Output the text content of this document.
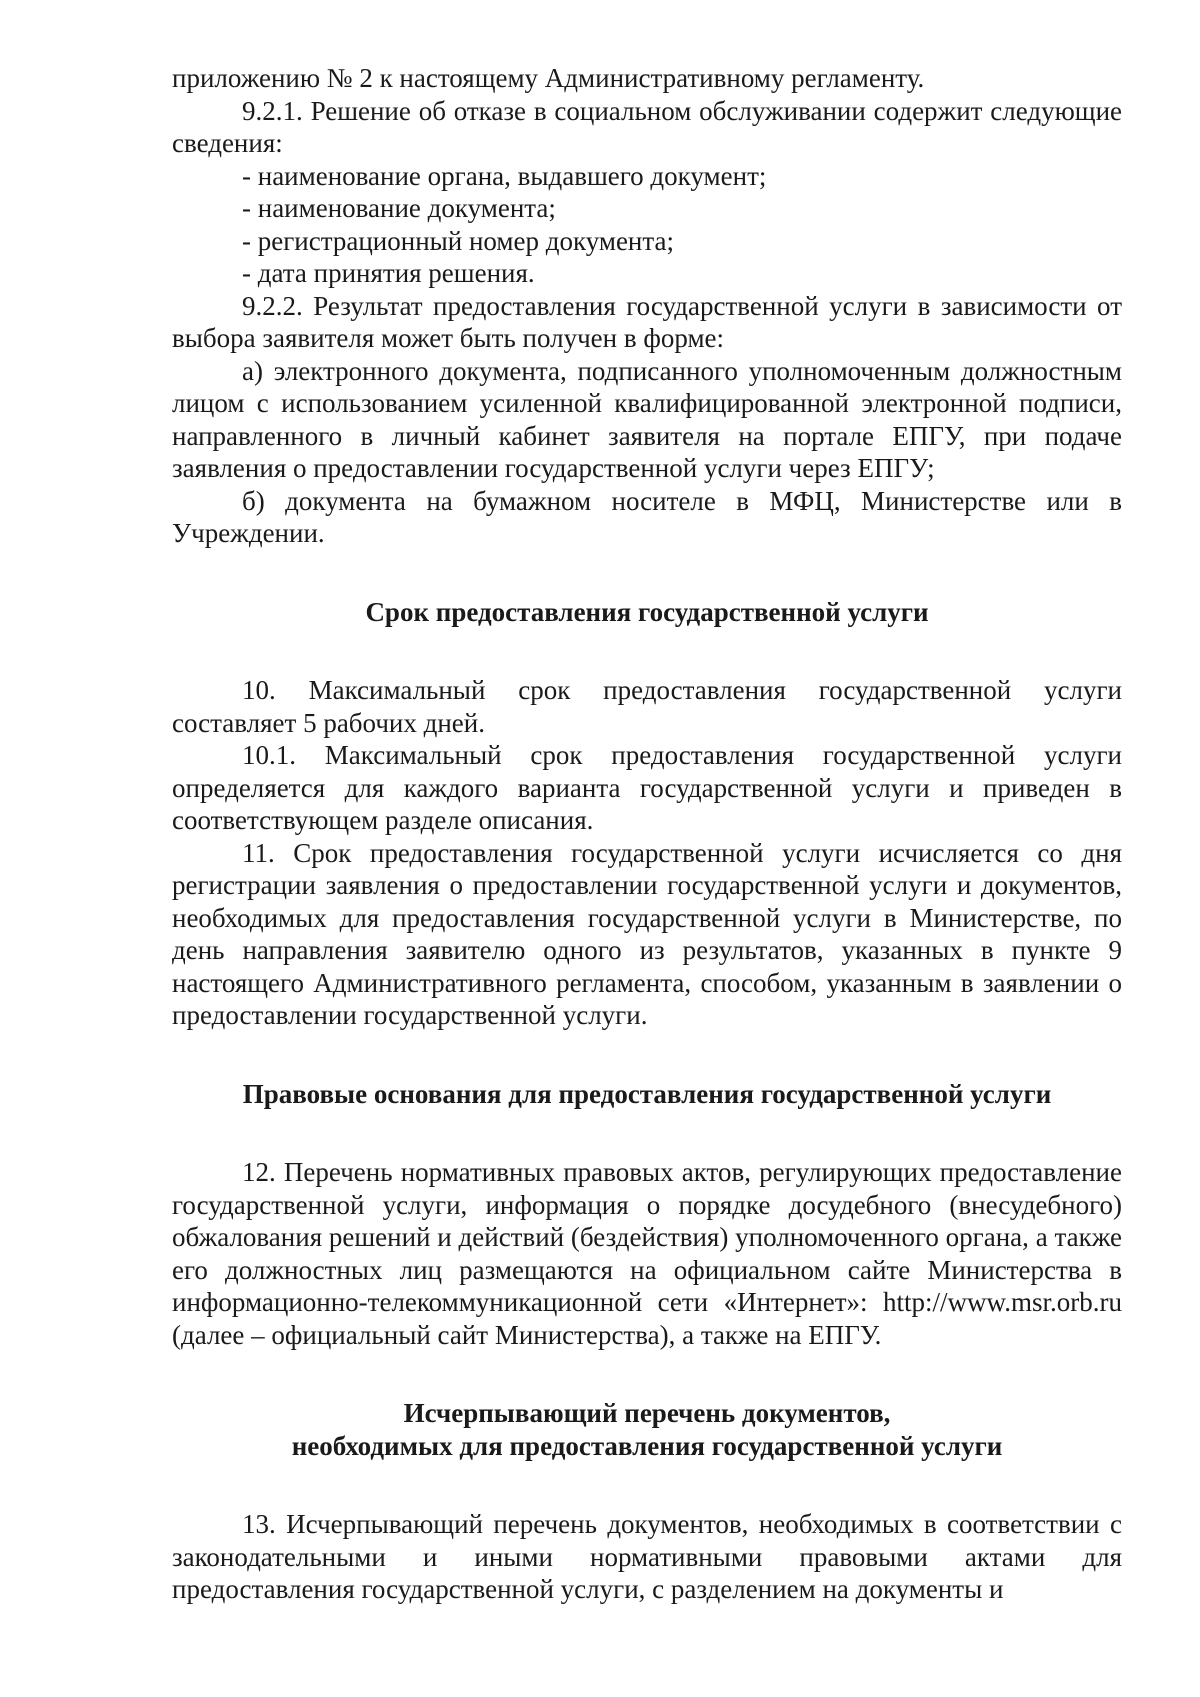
приложению № 2 к настоящему Административному регламенту.

9.2.1. Решение об отказе в социальном обслуживании содержит следующие сведения:

- наименование органа, выдавшего документ;

- наименование документа;

- регистрационный номер документа;

- дата принятия решения.

9.2.2. Результат предоставления государственной услуги в зависимости от выбора заявителя может быть получен в форме:

а) электронного документа, подписанного уполномоченным должностным лицом с использованием усиленной квалифицированной электронной подписи, направленного в личный кабинет заявителя на портале ЕПГУ, при подаче заявления о предоставлении государственной услуги через ЕПГУ;

б) документа на бумажном носителе в МФЦ, Министерстве или в Учреждении.

Срок предоставления государственной услуги

10. Максимальный срок предоставления государственной услуги составляет 5 рабочих дней.

10.1. Максимальный срок предоставления государственной услуги определяется для каждого варианта государственной услуги и приведен в соответствующем разделе описания.

11. Срок предоставления государственной услуги исчисляется со дня регистрации заявления о предоставлении государственной услуги и документов, необходимых для предоставления государственной услуги в Министерстве, по день направления заявителю одного из результатов, указанных в пункте 9 настоящего Административного регламента, способом, указанным в заявлении о предоставлении государственной услуги.

Правовые основания для предоставления государственной услуги

12. Перечень нормативных правовых актов, регулирующих предоставление государственной услуги, информация о порядке досудебного (внесудебного) обжалования решений и действий (бездействия) уполномоченного органа, а также его должностных лиц размещаются на официальном сайте Министерства в информационно-телекоммуникационной сети «Интернет»: http://www.msr.orb.ru (далее – официальный сайт Министерства), а также на ЕПГУ.

Исчерпывающий перечень документов,
необходимых для предоставления государственной услуги

13. Исчерпывающий перечень документов, необходимых в соответствии с законодательными и иными нормативными правовыми актами для предоставления государственной услуги, с разделением на документы и
